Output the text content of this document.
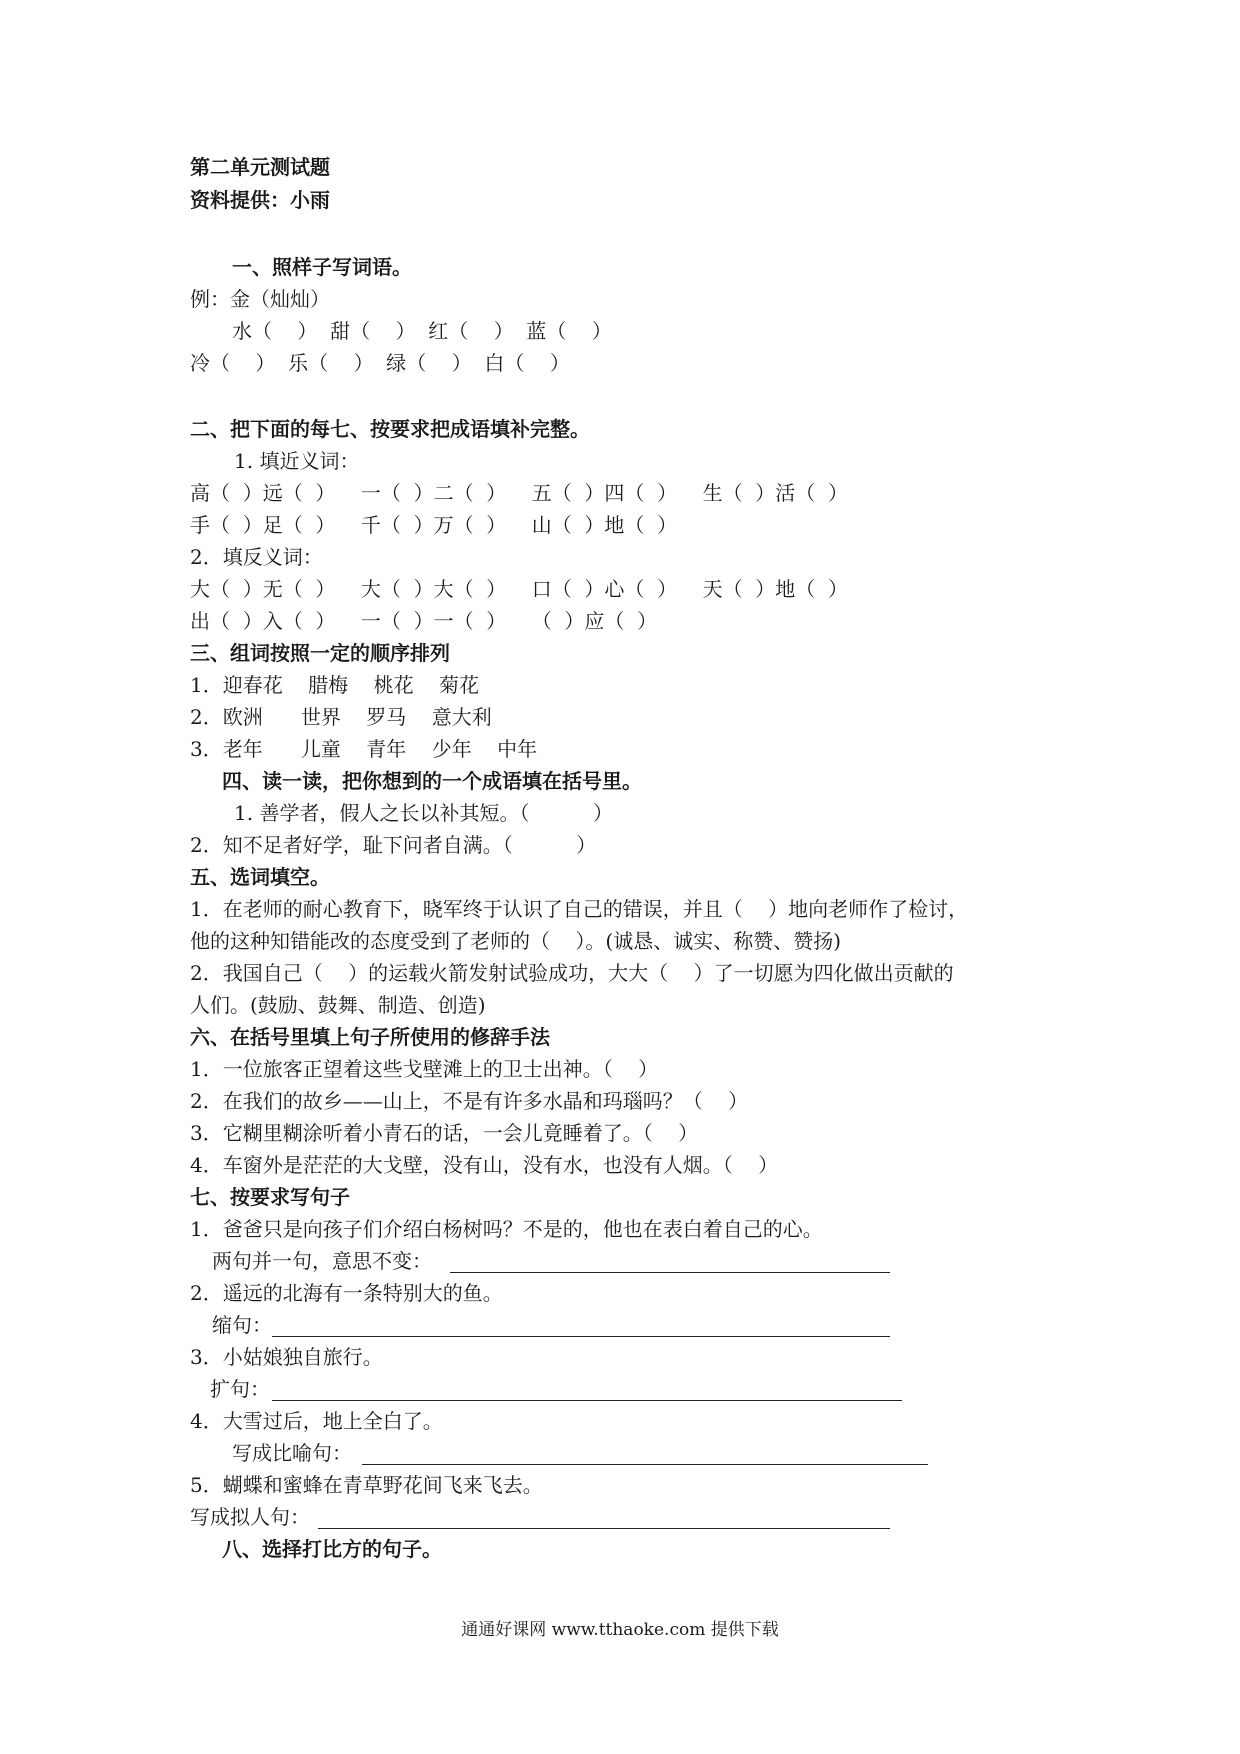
第二单元测试题
资料提供：小雨
一、照样子写词语。
例：金（灿灿）
水（    ）  甜（    ）  红（    ）  蓝（    ）
冷（    ）  乐（    ）  绿（    ）  白（    ）
二、把下面的每七、按要求把成语填补完整。
1. 填近义词：
高（  ）远（  ）    一（  ）二（  ）    五（  ）四（  ）    生（  ）活（  ）
手（  ）足（  ）    千（  ）万（  ）    山（  ）地（  ）
2．填反义词：
大（  ）无（  ）    大（  ）大（  ）    口（  ）心（  ）    天（  ）地（  ）
出（  ）入（  ）    一（  ）一（  ）    （  ）应（  ）
三、组词按照一定的顺序排列
1．迎春花    腊梅    桃花    菊花
2．欧洲      世界    罗马    意大利
3．老年      儿童    青年    少年    中年
四、读一读，把你想到的一个成语填在括号里。
1. 善学者，假人之长以补其短。（          ）
2．知不足者好学，耻下问者自满。（          ）
五、选词填空。
1．在老师的耐心教育下，晓军终于认识了自己的错误，并且（    ）地向老师作了检讨，
他的这种知错能改的态度受到了老师的（    ）。(诚恳、诚实、称赞、赞扬)
2．我国自己（    ）的运载火箭发射试验成功，大大（    ）了一切愿为四化做出贡献的
人们。(鼓励、鼓舞、制造、创造)
六、在括号里填上句子所使用的修辞手法
1．一位旅客正望着这些戈壁滩上的卫士出神。（    ）
2．在我们的故乡——山上，不是有许多水晶和玛瑙吗？（    ）
3．它糊里糊涂听着小青石的话，一会儿竟睡着了。（    ）
4．车窗外是茫茫的大戈壁，没有山，没有水，也没有人烟。（    ）
七、按要求写句子
1．爸爸只是向孩子们介绍白杨树吗？不是的，他也在表白着自己的心。
两句并一句，意思不变：
2．遥远的北海有一条特别大的鱼。
缩句：
3．小姑娘独自旅行。
扩句：
4．大雪过后，地上全白了。
写成比喻句：
5．蝴蝶和蜜蜂在青草野花间飞来飞去。
写成拟人句：
八、选择打比方的句子。
通通好课网 www.tthaoke.com 提供下载
